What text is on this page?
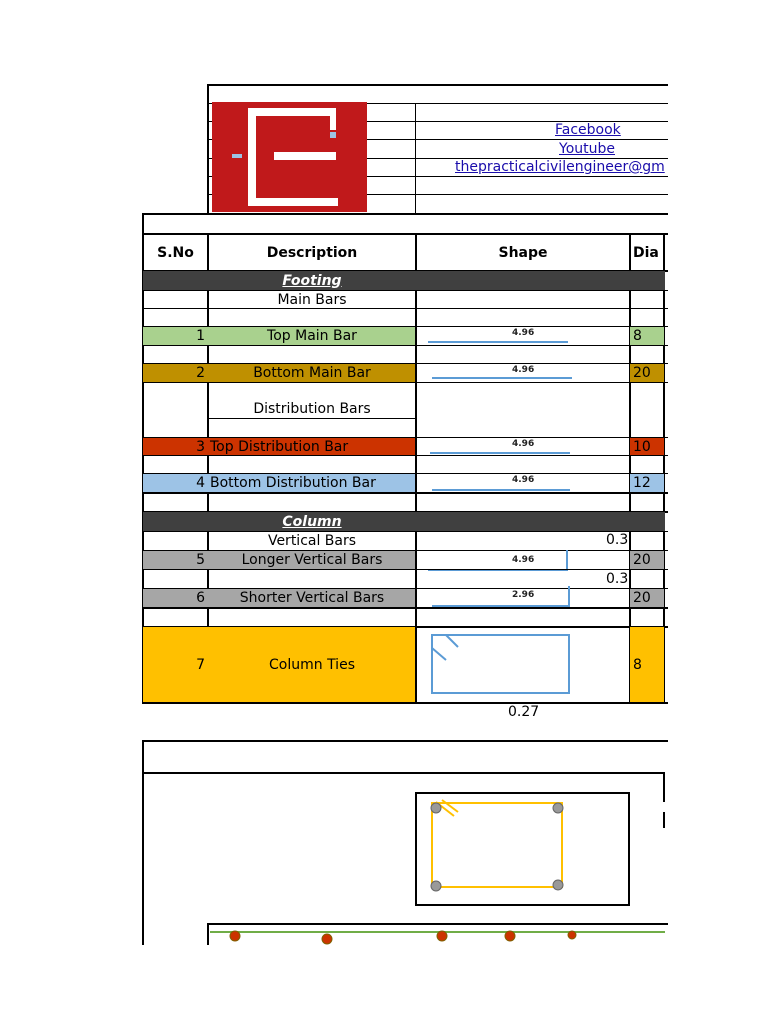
Facebook
Youtube
thepracticalcivilengineer@gm
S.No	Description	Shape	Dia
Footing
Main Bars
1	Top Main Bar	4.96	8
2	Bottom Main Bar	4.96	20
Distribution Bars
3 Top Distribution Bar	4.96	10
4 Bottom Distribution Bar	4.96	12
Column
Vertical Bars	0.3
5	Longer Vertical Bars	4.96	20
0.3
6	Shorter Vertical Bars	2.96	20
7	Column Ties	8
0.27
